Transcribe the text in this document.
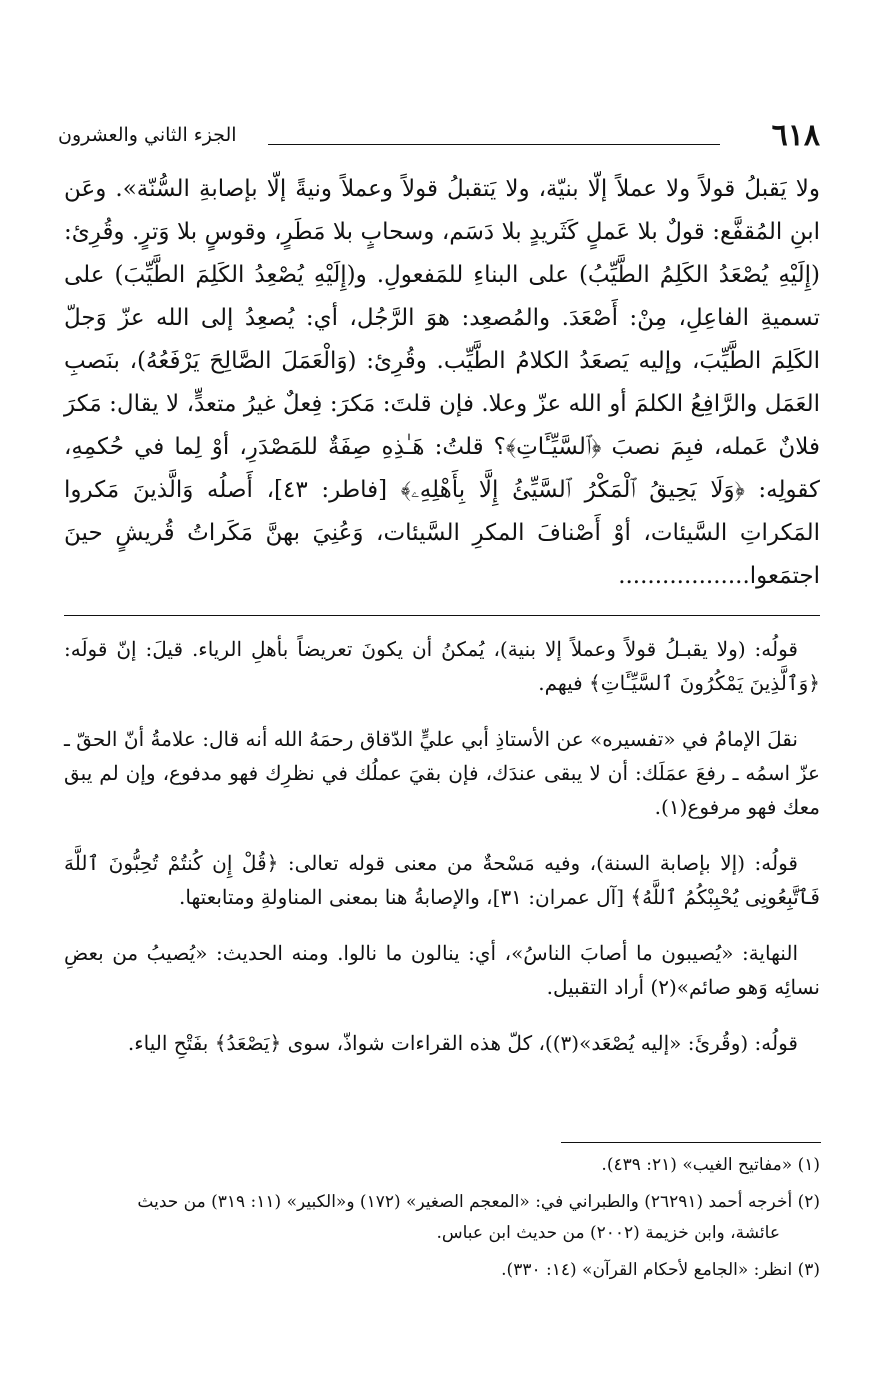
٦١٨
الجزء الثاني والعشرون

ولا يَقبلُ قولاً ولا عملاً إلّا بنيّة، ولا يَتقبلُ قولاً وعملاً ونيةً إلّا بإصابةِ السُّنّة». وعَن ابنِ المُقفَّع: قولٌ بلا عَملٍ كَثَريدٍ بلا دَسَم، وسحابٍ بلا مَطَرٍ، وقوسٍ بلا وَترٍ. وقُرِئ: (إِلَيْهِ يُصْعَدُ الكَلِمُ الطَّيِّبُ) على البناءِ للمَفعولِ. و(إِلَيْهِ يُصْعِدُ الكَلِمَ الطَّيِّبَ) على تسميةِ الفاعِلِ، مِنْ: أَصْعَدَ. والمُصعِد: هوَ الرَّجُل، أي: يُصعِدُ إلى الله عزّ وَجلّ الكَلِمَ الطَّيِّبَ، وإليه يَصعَدُ الكلامُ الطَّيِّب. وقُرِئ: (وَالْعَمَلَ الصَّالِحَ يَرْفَعُهُ)، بنَصبِ العَمَل والرَّافِعُ الكلمَ أو الله عزّ وعلا. فإن قلتَ: مَكرَ: فِعلٌ غيرُ متعدٍّ، لا يقال: مَكرَ فلانٌ عَمله، فبِمَ نصبَ ﴿ٱلسَّيِّـَٔاتِ﴾؟ قلتُ: هَـٰذِهِ صِفَةٌ للمَصْدَرِ، أوْ لِما في حُكمِهِ، كقولِه: ﴿وَلَا يَحِيقُ ٱلْمَكْرُ ٱلسَّيِّئُ إِلَّا بِأَهْلِهِۦ﴾ [فاطر: ٤٣]، أَصلُه وَالَّذينَ مَكروا المَكراتِ السَّيئات، أوْ أَصْنافَ المكرِ السَّيئات، وَعُنِيَ بهنَّ مَكَراتُ قُريشٍ حينَ اجتمَعوا..................

قولُه: (ولا يقبـلُ قولاً وعملاً إلا بنية)، يُمكنُ أن يكونَ تعريضاً بأهلِ الرياء. قيلَ: إنّ قولَه: ﴿وَٱلَّذِينَ يَمْكُرُونَ ٱلسَّيِّـَٔاتِ﴾ فيهم.

نقلَ الإمامُ في «تفسيره» عن الأستاذِ أبي عليٍّ الدّقاق رحمَهُ الله أنه قال: علامةُ أنّ الحقّ ـ عزّ اسمُه ـ رفعَ عمَلَك: أن لا يبقى عندَك، فإن بقيَ عملُك في نظرِك فهو مدفوع، وإن لم يبق معك فهو مرفوع(١).

قولُه: (إلا بإصابة السنة)، وفيه مَسْحةٌ من معنى قوله تعالى: ﴿قُلْ إِن كُنتُمْ تُحِبُّونَ ٱللَّهَ فَٱتَّبِعُونِى يُحْبِبْكُمُ ٱللَّهُ﴾ [آل عمران: ٣١]، والإصابةُ هنا بمعنى المناولةِ ومتابعتها.

النهاية: «يُصيبون ما أصابَ الناسُ»، أي: ينالون ما نالوا. ومنه الحديث: «يُصيبُ من بعضِ نسائِه وَهو صائم»(٢) أراد التقبيل.

قولُه: (وقُرئَ: «إليه يُصْعَد»(٣))، كلّ هذه القراءات شواذّ، سوى ﴿يَصْعَدُ﴾ بفَتْحِ الياء.

(١) «مفاتيح الغيب» (٢١: ٤٣٩).

(٢) أخرجه أحمد (٢٦٢٩١) والطبراني في: «المعجم الصغير» (١٧٢) و«الكبير» (١١: ٣١٩) من حديث

عائشة، وابن خزيمة (٢٠٠٢) من حديث ابن عباس.

(٣) انظر: «الجامع لأحكام القرآن» (١٤: ٣٣٠).
